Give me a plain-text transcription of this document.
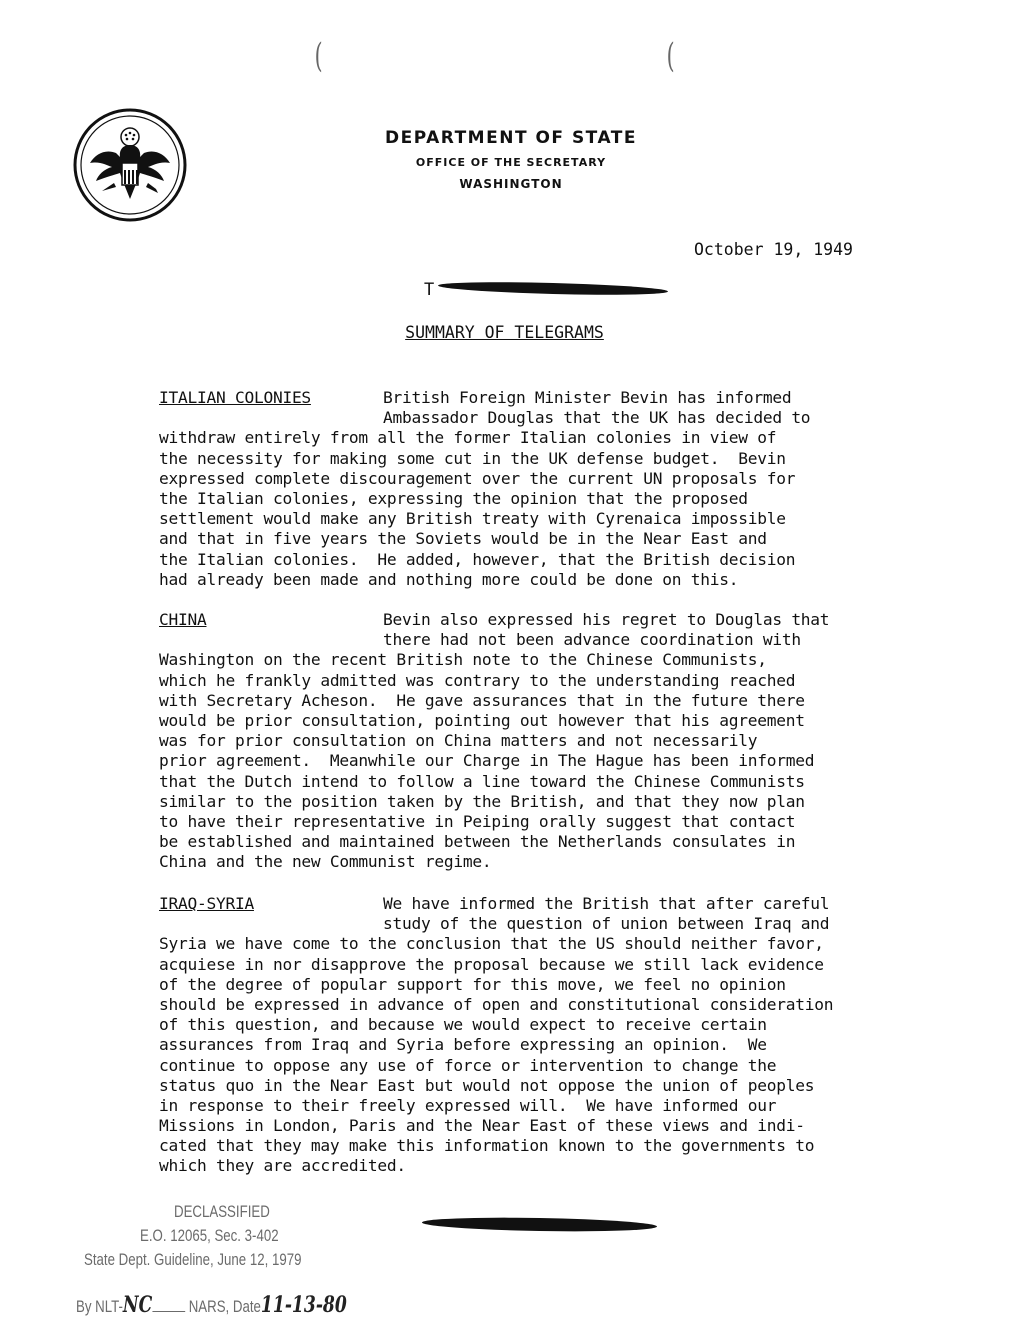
(	(
DEPARTMENT OF STATE
OFFICE OF THE SECRETARY
WASHINGTON
October 19, 1949
T
SUMMARY OF TELEGRAMS
ITALIAN COLONIES	British Foreign Minister Bevin has informed
Ambassador Douglas that the UK has decided to
withdraw entirely from all the former Italian colonies in view of
the necessity for making some cut in the UK defense budget.  Bevin
expressed complete discouragement over the current UN proposals for
the Italian colonies, expressing the opinion that the proposed
settlement would make any British treaty with Cyrenaica impossible
and that in five years the Soviets would be in the Near East and
the Italian colonies.  He added, however, that the British decision
had already been made and nothing more could be done on this.
CHINA	Bevin also expressed his regret to Douglas that
there had not been advance coordination with
Washington on the recent British note to the Chinese Communists,
which he frankly admitted was contrary to the understanding reached
with Secretary Acheson.  He gave assurances that in the future there
would be prior consultation, pointing out however that his agreement
was for prior consultation on China matters and not necessarily
prior agreement.  Meanwhile our Charge in The Hague has been informed
that the Dutch intend to follow a line toward the Chinese Communists
similar to the position taken by the British, and that they now plan
to have their representative in Peiping orally suggest that contact
be established and maintained between the Netherlands consulates in
China and the new Communist regime.
IRAQ-SYRIA	We have informed the British that after careful
study of the question of union between Iraq and
Syria we have come to the conclusion that the US should neither favor,
acquiese in nor disapprove the proposal because we still lack evidence
of the degree of popular support for this move, we feel no opinion
should be expressed in advance of open and constitutional consideration
of this question, and because we would expect to receive certain
assurances from Iraq and Syria before expressing an opinion.  We
continue to oppose any use of force or intervention to change the
status quo in the Near East but would not oppose the union of peoples
in response to their freely expressed will.  We have informed our
Missions in London, Paris and the Near East of these views and indi-
cated that they may make this information known to the governments to
which they are accredited.
DECLASSIFIED
E.O. 12065, Sec. 3-402
State Dept. Guideline, June 12, 1979
By NLT-NC NARS, Date11-13-80
